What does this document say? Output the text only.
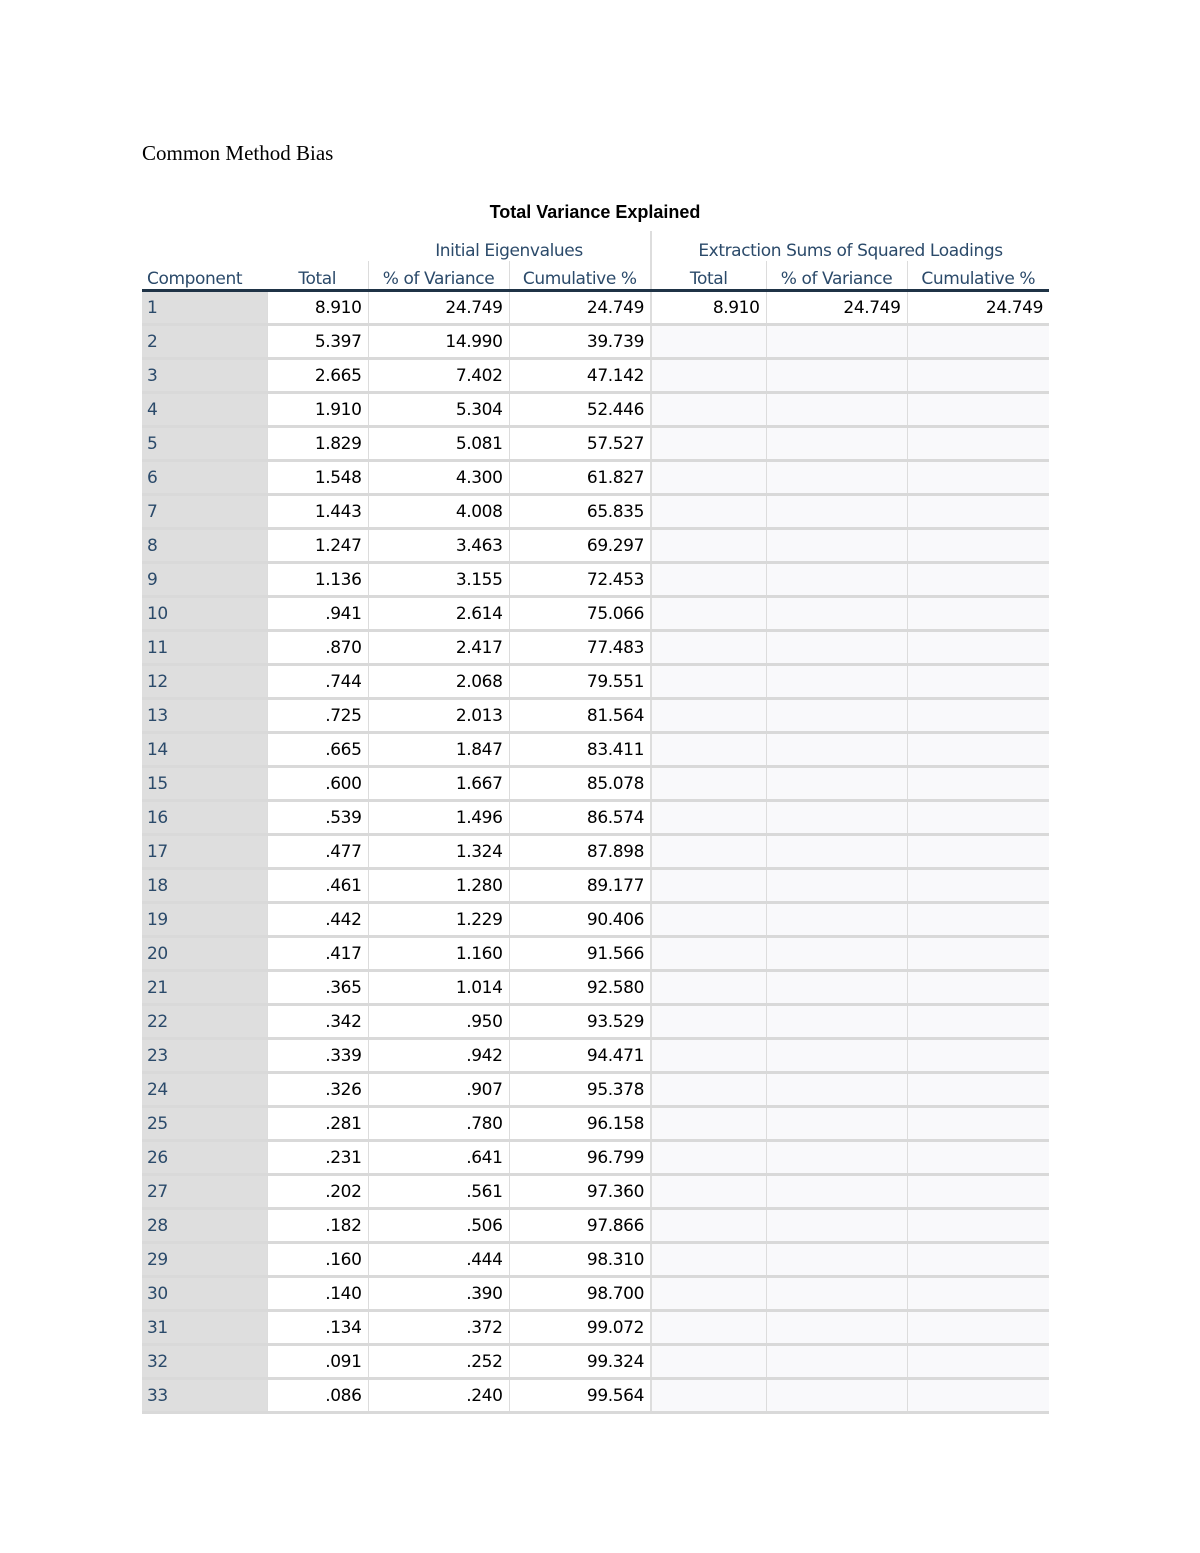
Common Method Bias
Total Variance Explained
		Initial Eigenvalues		Extraction Sums of Squared Loadings		
Component	Total	% of Variance	Cumulative %	Total	% of Variance	Cumulative %
1	8.910	24.749	24.749	8.910	24.749	24.749
2	5.397	14.990	39.739			
3	2.665	7.402	47.142			
4	1.910	5.304	52.446			
5	1.829	5.081	57.527			
6	1.548	4.300	61.827			
7	1.443	4.008	65.835			
8	1.247	3.463	69.297			
9	1.136	3.155	72.453			
10	.941	2.614	75.066			
11	.870	2.417	77.483			
12	.744	2.068	79.551			
13	.725	2.013	81.564			
14	.665	1.847	83.411			
15	.600	1.667	85.078			
16	.539	1.496	86.574			
17	.477	1.324	87.898			
18	.461	1.280	89.177			
19	.442	1.229	90.406			
20	.417	1.160	91.566			
21	.365	1.014	92.580			
22	.342	.950	93.529			
23	.339	.942	94.471			
24	.326	.907	95.378			
25	.281	.780	96.158			
26	.231	.641	96.799			
27	.202	.561	97.360			
28	.182	.506	97.866			
29	.160	.444	98.310			
30	.140	.390	98.700			
31	.134	.372	99.072			
32	.091	.252	99.324			
33	.086	.240	99.564			
